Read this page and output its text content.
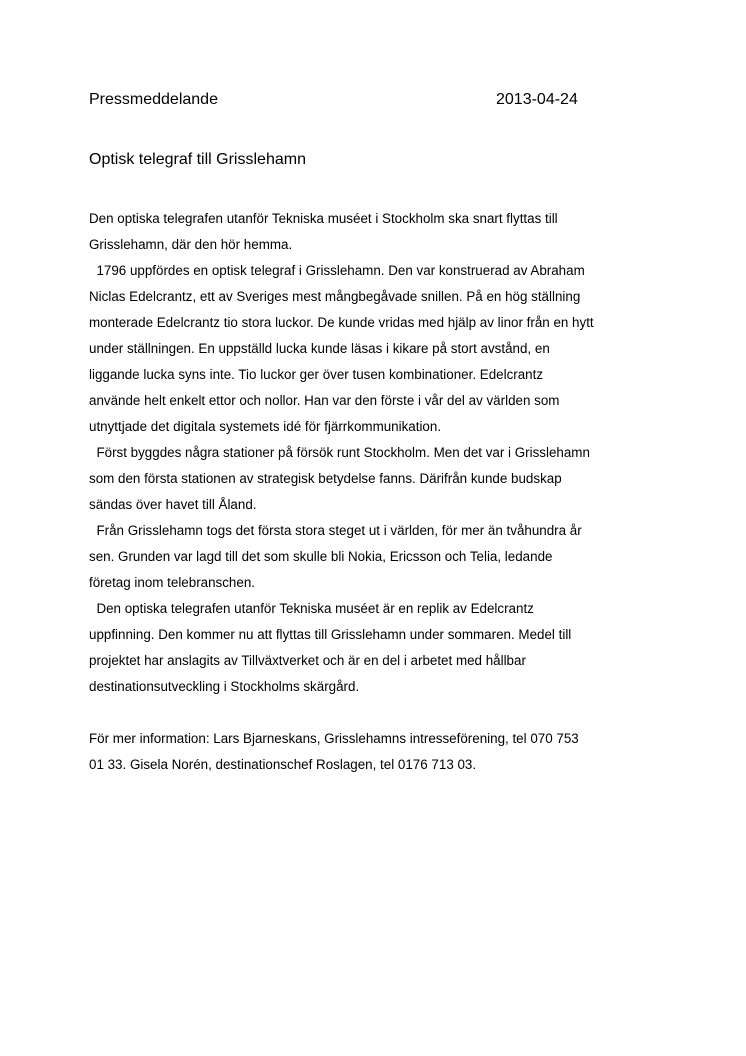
Pressmeddelande	2013-04-24
Optisk telegraf till Grisslehamn
Den optiska telegrafen utanför Tekniska muséet i Stockholm ska snart flyttas till
Grisslehamn, där den hör hemma.
1796 uppfördes en optisk telegraf i Grisslehamn. Den var konstruerad av Abraham
Niclas Edelcrantz, ett av Sveriges mest mångbegåvade snillen. På en hög ställning
monterade Edelcrantz tio stora luckor. De kunde vridas med hjälp av linor från en hytt
under ställningen. En uppställd lucka kunde läsas i kikare på stort avstånd, en
liggande lucka syns inte. Tio luckor ger över tusen kombinationer. Edelcrantz
använde helt enkelt ettor och nollor. Han var den förste i vår del av världen som
utnyttjade det digitala systemets idé för fjärrkommunikation.
Först byggdes några stationer på försök runt Stockholm. Men det var i Grisslehamn
som den första stationen av strategisk betydelse fanns. Därifrån kunde budskap
sändas över havet till Åland.
Från Grisslehamn togs det första stora steget ut i världen, för mer än tvåhundra år
sen. Grunden var lagd till det som skulle bli Nokia, Ericsson och Telia, ledande
företag inom telebranschen.
Den optiska telegrafen utanför Tekniska muséet är en replik av Edelcrantz
uppfinning. Den kommer nu att flyttas till Grisslehamn under sommaren. Medel till
projektet har anslagits av Tillväxtverket och är en del i arbetet med hållbar
destinationsutveckling i Stockholms skärgård.
För mer information: Lars Bjarneskans, Grisslehamns intresseförening, tel 070 753
01 33. Gisela Norén, destinationschef Roslagen, tel 0176 713 03.
